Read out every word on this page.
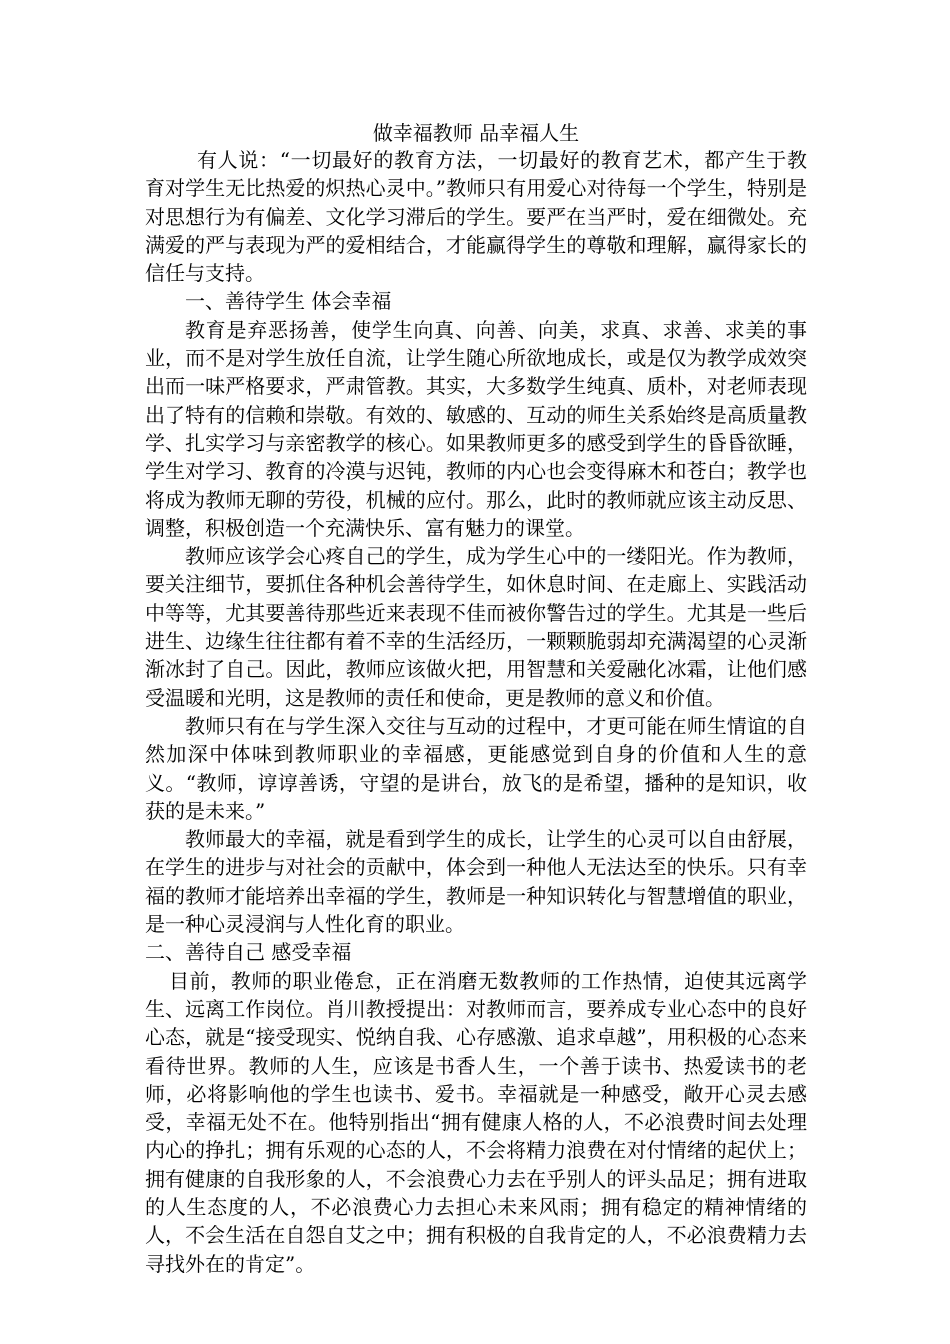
做幸福教师 品幸福人生

有人说：“一切最好的教育方法，一切最好的教育艺术，都产生于教育对学生无比热爱的炽热心灵中。”教师只有用爱心对待每一个学生，特别是对思想行为有偏差、文化学习滞后的学生。要严在当严时，爱在细微处。充满爱的严与表现为严的爱相结合，才能赢得学生的尊敬和理解，赢得家长的信任与支持。

一、善待学生 体会幸福

教育是弃恶扬善，使学生向真、向善、向美，求真、求善、求美的事业，而不是对学生放任自流，让学生随心所欲地成长，或是仅为教学成效突出而一味严格要求，严肃管教。其实，大多数学生纯真、质朴，对老师表现出了特有的信赖和崇敬。有效的、敏感的、互动的师生关系始终是高质量教学、扎实学习与亲密教学的核心。如果教师更多的感受到学生的昏昏欲睡，学生对学习、教育的冷漠与迟钝，教师的内心也会变得麻木和苍白；教学也将成为教师无聊的劳役，机械的应付。那么，此时的教师就应该主动反思、调整，积极创造一个充满快乐、富有魅力的课堂。

教师应该学会心疼自己的学生，成为学生心中的一缕阳光。作为教师，要关注细节，要抓住各种机会善待学生，如休息时间、在走廊上、实践活动中等等，尤其要善待那些近来表现不佳而被你警告过的学生。尤其是一些后进生、边缘生往往都有着不幸的生活经历，一颗颗脆弱却充满渴望的心灵渐渐冰封了自己。因此，教师应该做火把，用智慧和关爱融化冰霜，让他们感受温暖和光明，这是教师的责任和使命，更是教师的意义和价值。

教师只有在与学生深入交往与互动的过程中，才更可能在师生情谊的自然加深中体味到教师职业的幸福感，更能感觉到自身的价值和人生的意义。“教师，谆谆善诱，守望的是讲台，放飞的是希望，播种的是知识，收获的是未来。”

教师最大的幸福，就是看到学生的成长，让学生的心灵可以自由舒展，在学生的进步与对社会的贡献中，体会到一种他人无法达至的快乐。只有幸福的教师才能培养出幸福的学生，教师是一种知识转化与智慧增值的职业，是一种心灵浸润与人性化育的职业。

二、善待自己 感受幸福

目前，教师的职业倦怠，正在消磨无数教师的工作热情，迫使其远离学生、远离工作岗位。肖川教授提出：对教师而言，要养成专业心态中的良好心态，就是“接受现实、悦纳自我、心存感激、追求卓越”，用积极的心态来看待世界。教师的人生，应该是书香人生，一个善于读书、热爱读书的老师，必将影响他的学生也读书、爱书。幸福就是一种感受，敞开心灵去感受，幸福无处不在。他特别指出“拥有健康人格的人，不必浪费时间去处理内心的挣扎；拥有乐观的心态的人，不会将精力浪费在对付情绪的起伏上；拥有健康的自我形象的人，不会浪费心力去在乎别人的评头品足；拥有进取的人生态度的人，不必浪费心力去担心未来风雨；拥有稳定的精神情绪的人，不会生活在自怨自艾之中；拥有积极的自我肯定的人，不必浪费精力去寻找外在的肯定”。
